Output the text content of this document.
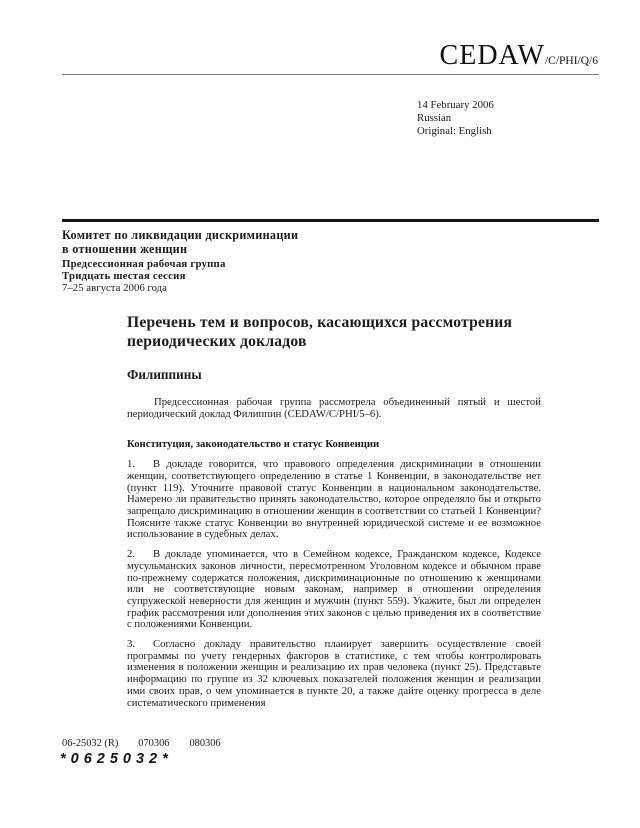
CEDAW/C/PHI/Q/6
14 February 2006
Russian
Original: English
Комитет по ликвидации дискриминации
в отношении женщин
Предсессионная рабочая группа
Тридцать шестая сессия
7–25 августа 2006 года
Перечень тем и вопросов, касающихся рассмотрения периодических докладов
Филиппины

Предсессионная рабочая группа рассмотрела объединенный пятый и шестой периодический доклад Филиппин (CEDAW/C/PHI/5–6).

Конституция, законодательство и статус Конвенции

1. В докладе говорится, что правового определения дискриминации в отношении женщин, соответствующего определению в статье 1 Конвенции, в законодательстве нет (пункт 119). Уточните правовой статус Конвенции в национальном законодательстве. Намерено ли правительство принять законодательство, которое определяло бы и открыто запрещало дискриминацию в отношении женщин в соответствии со статьей 1 Конвенции? Поясните также статус Конвенции во внутренней юридической системе и ее возможное использование в судебных делах.

2. В докладе упоминается, что в Семейном кодексе, Гражданском кодексе, Кодексе мусульманских законов личности, пересмотренном Уголовном кодексе и обычном праве по-прежнему содержатся положения, дискриминационные по отношению к женщинами или не соответствующие новым законам, например в отношении определения супружеской неверности для женщин и мужчин (пункт 559). Укажите, был ли определен график рассмотрения или дополнения этих законов с целью приведения их в соответствие с положениями Конвенции.

3. Согласно докладу правительство планирует завершить осуществление своей программы по учету гендерных факторов в статистике, с тем чтобы контролировать изменения в положении женщин и реализацию их прав человека (пункт 25). Представьте информацию по группе из 32 ключевых показателей положения женщин и реализации ими своих прав, о чем упоминается в пункте 20, а также дайте оценку прогресса в деле систематического применения

06-25032 (R) 070306 080306
*0625032*
